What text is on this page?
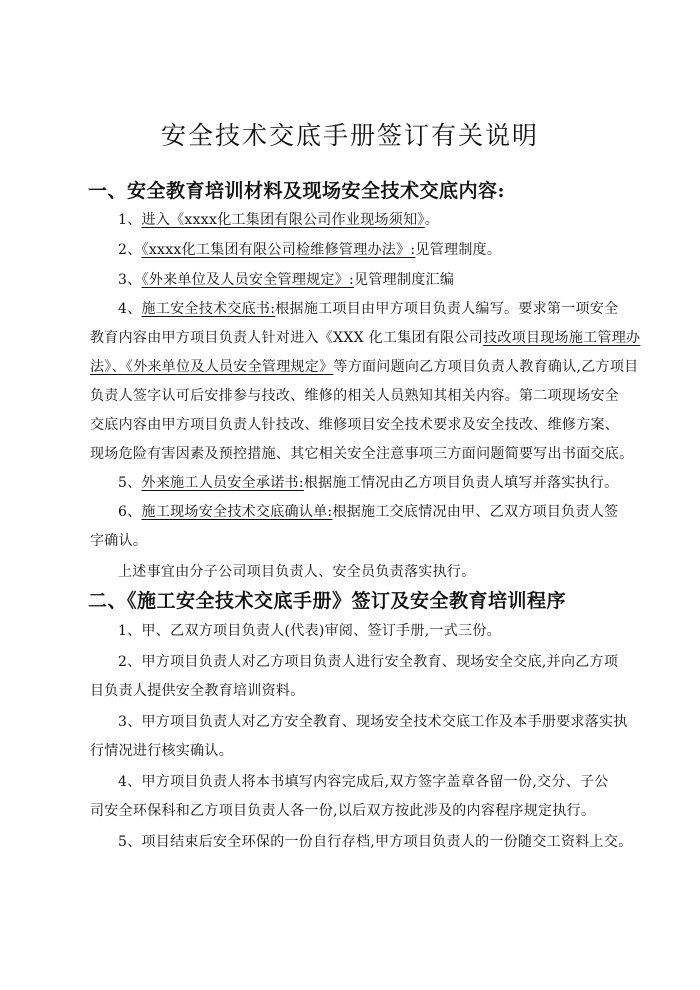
安全技术交底手册签订有关说明
一、安全教育培训材料及现场安全技术交底内容:
1、进入《xxxx化工集团有限公司作业现场须知》。
2、《xxxx化工集团有限公司检维修管理办法》:见管理制度。
3、《外来单位及人员安全管理规定》:见管理制度汇编
4、施工安全技术交底书:根据施工项目由甲方项目负责人编写。要求第一项安全
教育内容由甲方项目负责人针对进入《XXX 化工集团有限公司技改项目现场施工管理办
法》、《外来单位及人员安全管理规定》等方面问题向乙方项目负责人教育确认,乙方项目
负责人签字认可后安排参与技改、维修的相关人员熟知其相关内容。第二项现场安全
交底内容由甲方项目负责人针技改、维修项目安全技术要求及安全技改、维修方案、
现场危险有害因素及预控措施、其它相关安全注意事项三方面问题简要写出书面交底。
5、外来施工人员安全承诺书:根据施工情况由乙方项目负责人填写并落实执行。
6、施工现场安全技术交底确认单:根据施工交底情况由甲、乙双方项目负责人签
字确认。
上述事宜由分子公司项目负责人、安全员负责落实执行。
二、《施工安全技术交底手册》签订及安全教育培训程序
1、甲、乙双方项目负责人(代表)审阅、签订手册,一式三份。
2、甲方项目负责人对乙方项目负责人进行安全教育、现场安全交底,并向乙方项
目负责人提供安全教育培训资料。
3、甲方项目负责人对乙方安全教育、现场安全技术交底工作及本手册要求落实执
行情况进行核实确认。
4、甲方项目负责人将本书填写内容完成后,双方签字盖章各留一份,交分、子公
司安全环保科和乙方项目负责人各一份,以后双方按此涉及的内容程序规定执行。
5、项目结束后安全环保的一份自行存档,甲方项目负责人的一份随交工资料上交。
